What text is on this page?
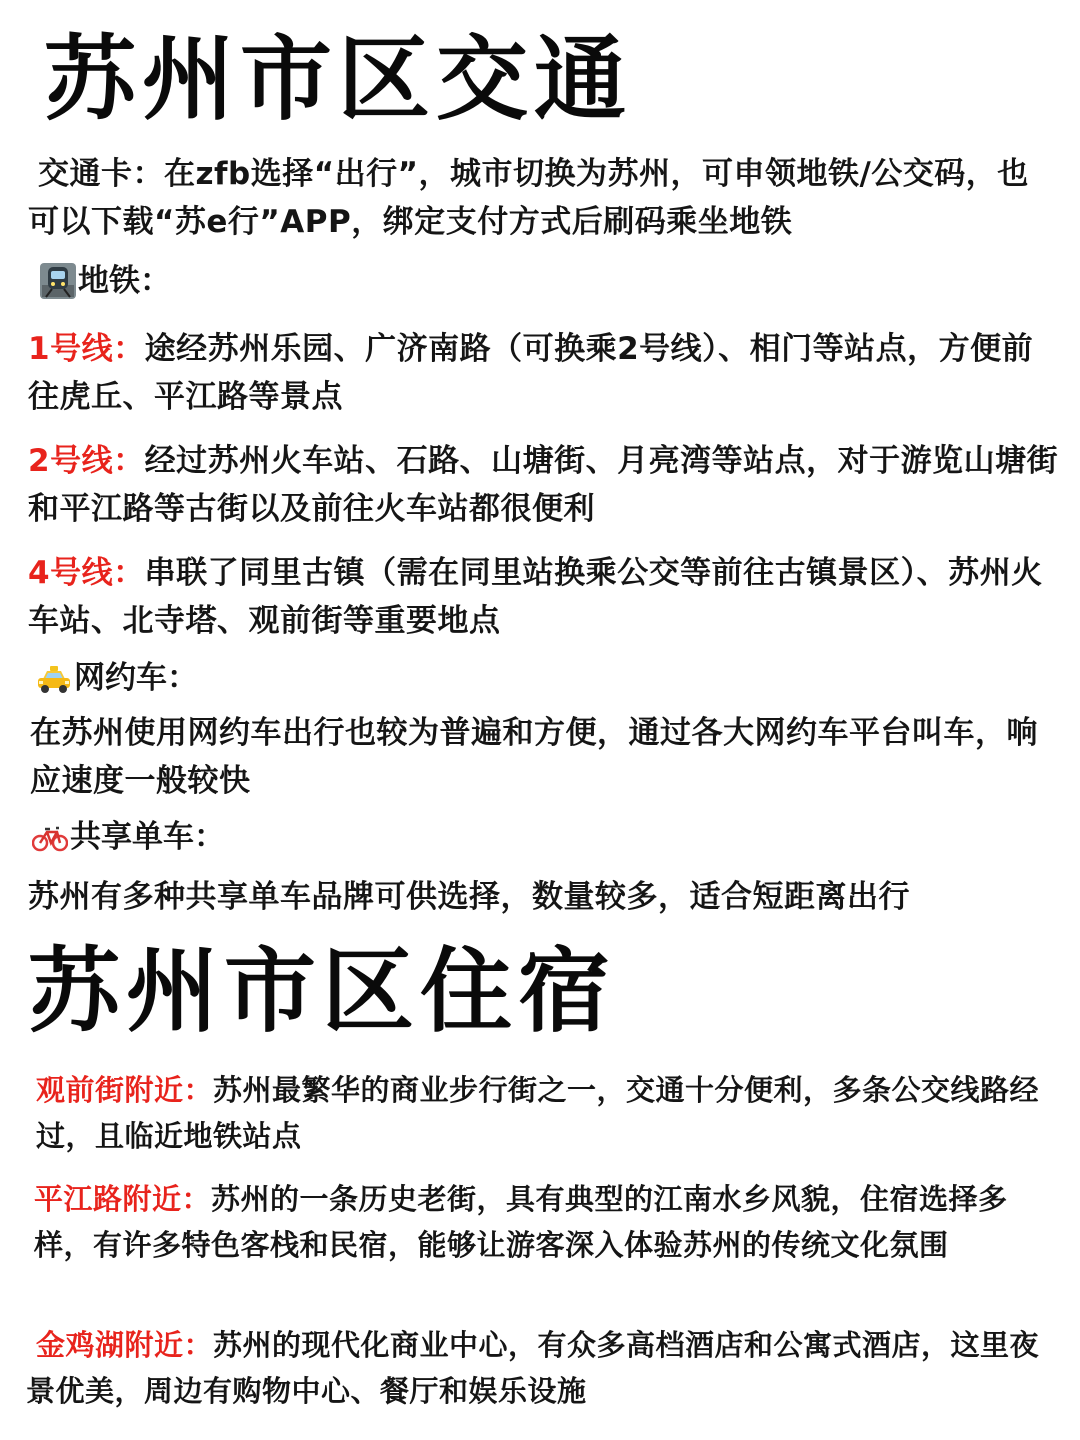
苏州市区交通
交通卡：在zfb选择“出行”，城市切换为苏州，可申领地铁/公交码，也可以下载“苏e行”APP，绑定支付方式后刷码乘坐地铁
地铁：
1号线：途经苏州乐园、广济南路（可换乘2号线）、相门等站点，方便前往虎丘、平江路等景点
2号线：经过苏州火车站、石路、山塘街、月亮湾等站点，对于游览山塘街和平江路等古街以及前往火车站都很便利
4号线：串联了同里古镇（需在同里站换乘公交等前往古镇景区）、苏州火车站、北寺塔、观前街等重要地点
网约车：
在苏州使用网约车出行也较为普遍和方便，通过各大网约车平台叫车，响应速度一般较快
共享单车：
苏州有多种共享单车品牌可供选择，数量较多，适合短距离出行
苏州市区住宿
观前街附近：苏州最繁华的商业步行街之一，交通十分便利，多条公交线路经过，且临近地铁站点
平江路附近：苏州的一条历史老街，具有典型的江南水乡风貌，住宿选择多样，有许多特色客栈和民宿，能够让游客深入体验苏州的传统文化氛围
金鸡湖附近：苏州的现代化商业中心，有众多高档酒店和公寓式酒店，这里夜景优美，周边有购物中心、餐厅和娱乐设施
